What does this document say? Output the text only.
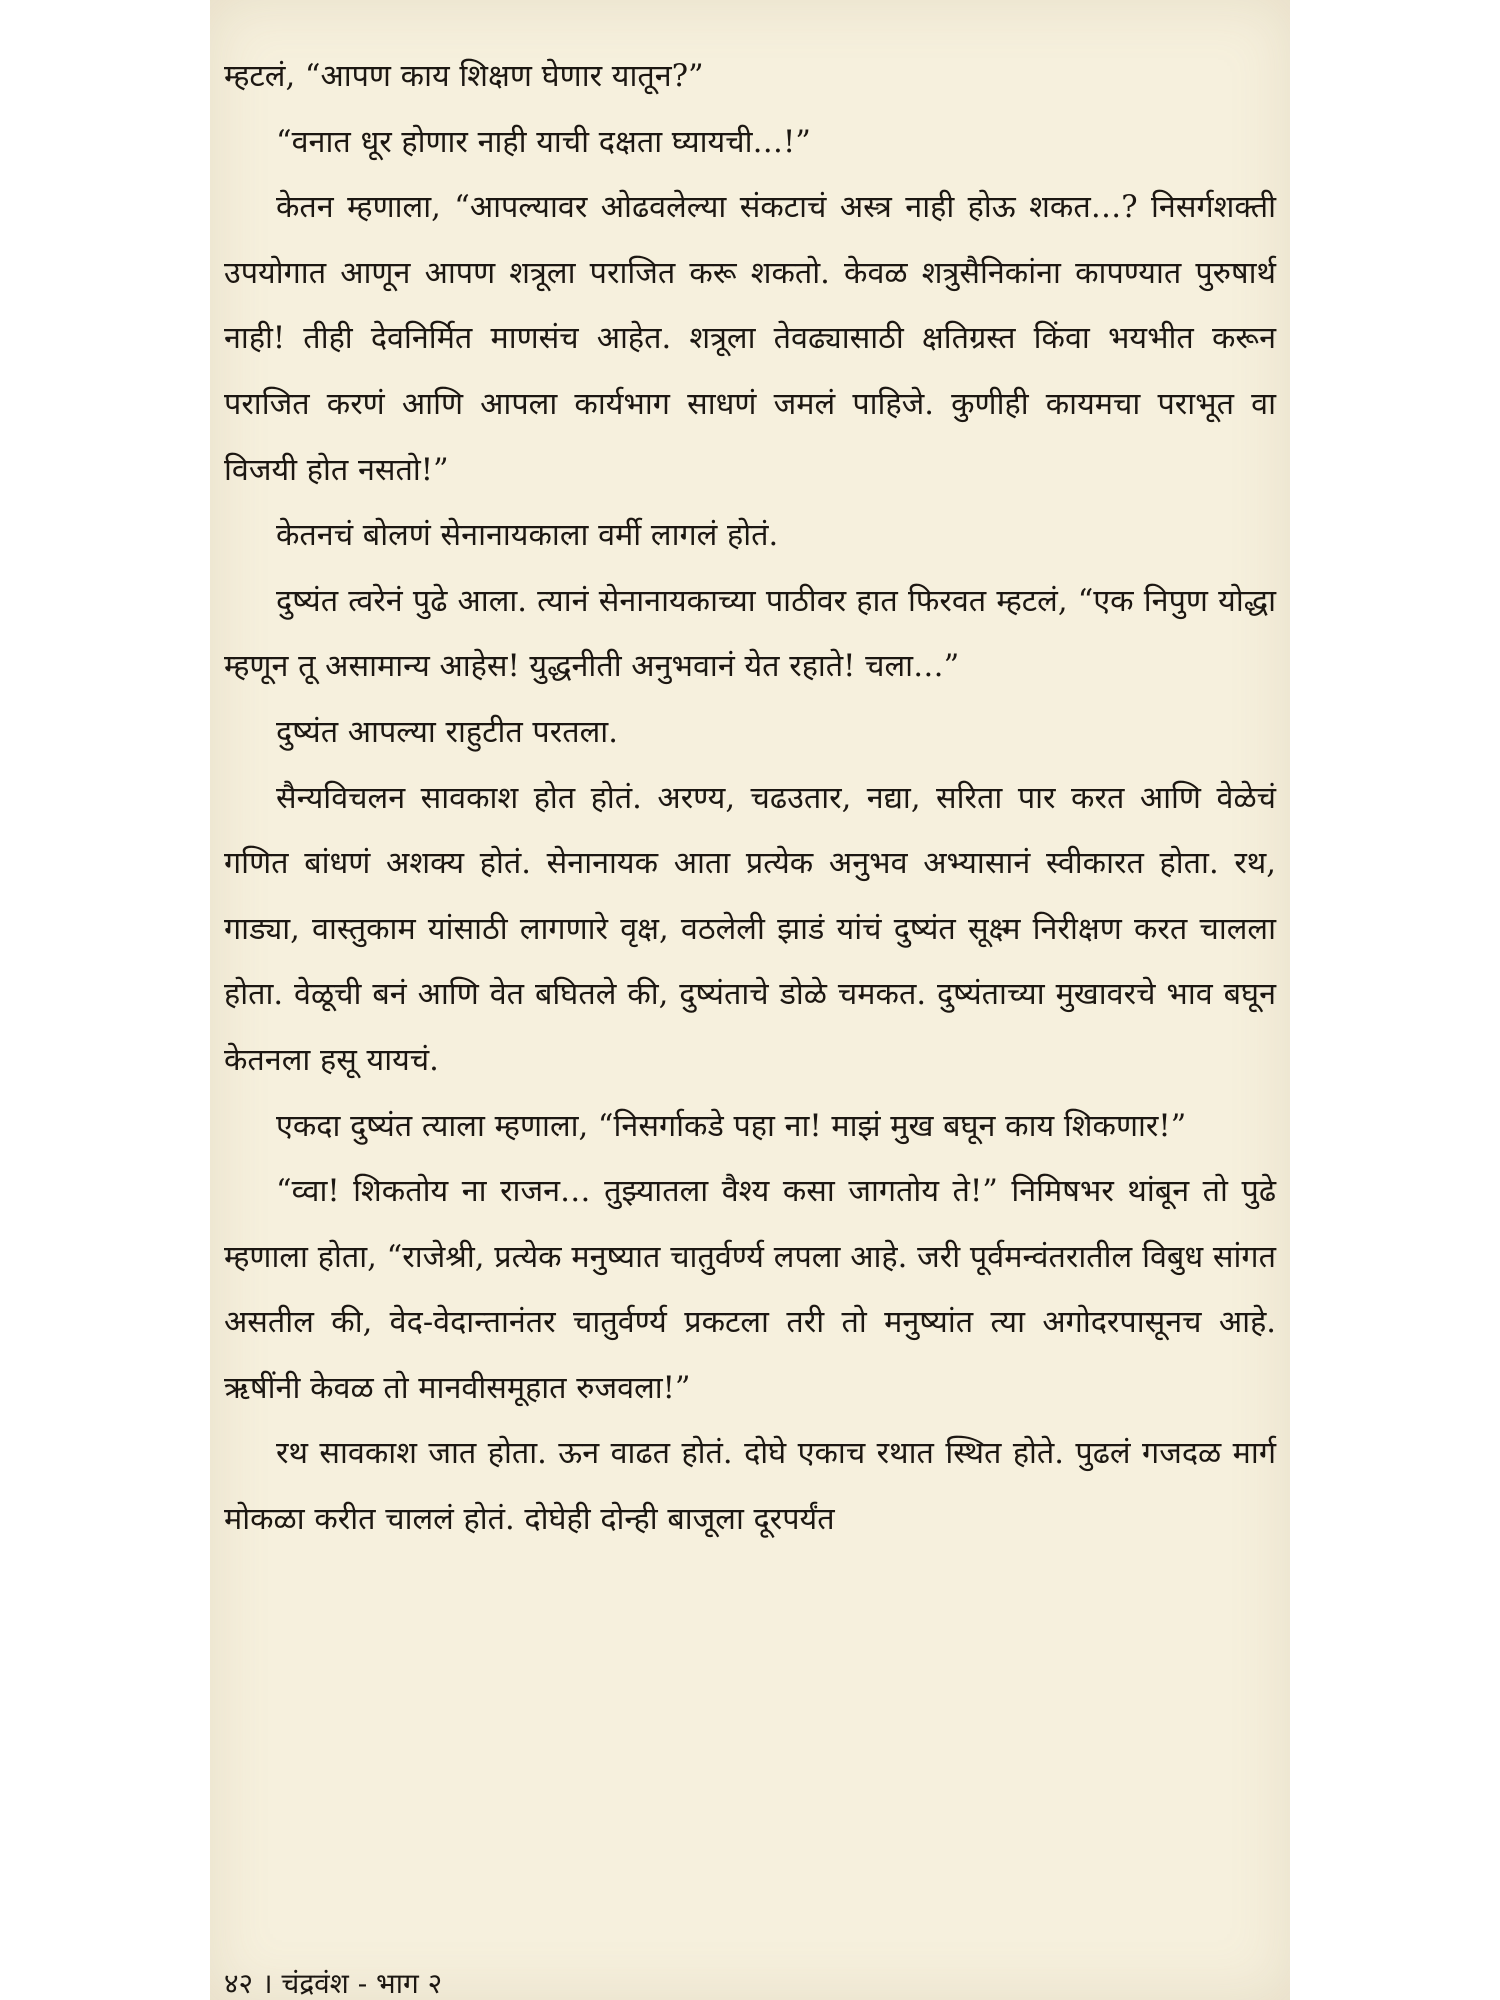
म्हटलं, “आपण काय शिक्षण घेणार यातून?”

“वनात धूर होणार नाही याची दक्षता घ्यायची…!”

केतन म्हणाला, “आपल्यावर ओढवलेल्या संकटाचं अस्त्र नाही होऊ शकत…? निसर्गशक्ती उपयोगात आणून आपण शत्रूला पराजित करू शकतो. केवळ शत्रुसैनिकांना कापण्यात पुरुषार्थ नाही! तीही देवनिर्मित माणसंच आहेत. शत्रूला तेवढ्यासाठी क्षतिग्रस्त किंवा भयभीत करून पराजित करणं आणि आपला कार्यभाग साधणं जमलं पाहिजे. कुणीही कायमचा पराभूत वा विजयी होत नसतो!”

केतनचं बोलणं सेनानायकाला वर्मी लागलं होतं.

दुष्यंत त्वरेनं पुढे आला. त्यानं सेनानायकाच्या पाठीवर हात फिरवत म्हटलं, “एक निपुण योद्धा म्हणून तू असामान्य आहेस! युद्धनीती अनुभवानं येत रहाते! चला…”

दुष्यंत आपल्या राहुटीत परतला.

सैन्यविचलन सावकाश होत होतं. अरण्य, चढउतार, नद्या, सरिता पार करत आणि वेळेचं गणित बांधणं अशक्य होतं. सेनानायक आता प्रत्येक अनुभव अभ्यासानं स्वीकारत होता. रथ, गाड्या, वास्तुकाम यांसाठी लागणारे वृक्ष, वठलेली झाडं यांचं दुष्यंत सूक्ष्म निरीक्षण करत चालला होता. वेळूची बनं आणि वेत बघितले की, दुष्यंताचे डोळे चमकत. दुष्यंताच्या मुखावरचे भाव बघून केतनला हसू यायचं.

एकदा दुष्यंत त्याला म्हणाला, “निसर्गाकडे पहा ना! माझं मुख बघून काय शिकणार!”

“व्वा! शिकतोय ना राजन… तुझ्यातला वैश्य कसा जागतोय ते!” निमिषभर थांबून तो पुढे म्हणाला होता, “राजेश्री, प्रत्येक मनुष्यात चातुर्वर्ण्य लपला आहे. जरी पूर्वमन्वंतरातील विबुध सांगत असतील की, वेद-वेदान्तानंतर चातुर्वर्ण्य प्रकटला तरी तो मनुष्यांत त्या अगोदरपासूनच आहे. ऋषींनी केवळ तो मानवीसमूहात रुजवला!”

रथ सावकाश जात होता. ऊन वाढत होतं. दोघे एकाच रथात स्थित होते. पुढलं गजदळ मार्ग मोकळा करीत चाललं होतं. दोघेही दोन्ही बाजूला दूरपर्यंत

४२ । चंद्रवंश - भाग २
